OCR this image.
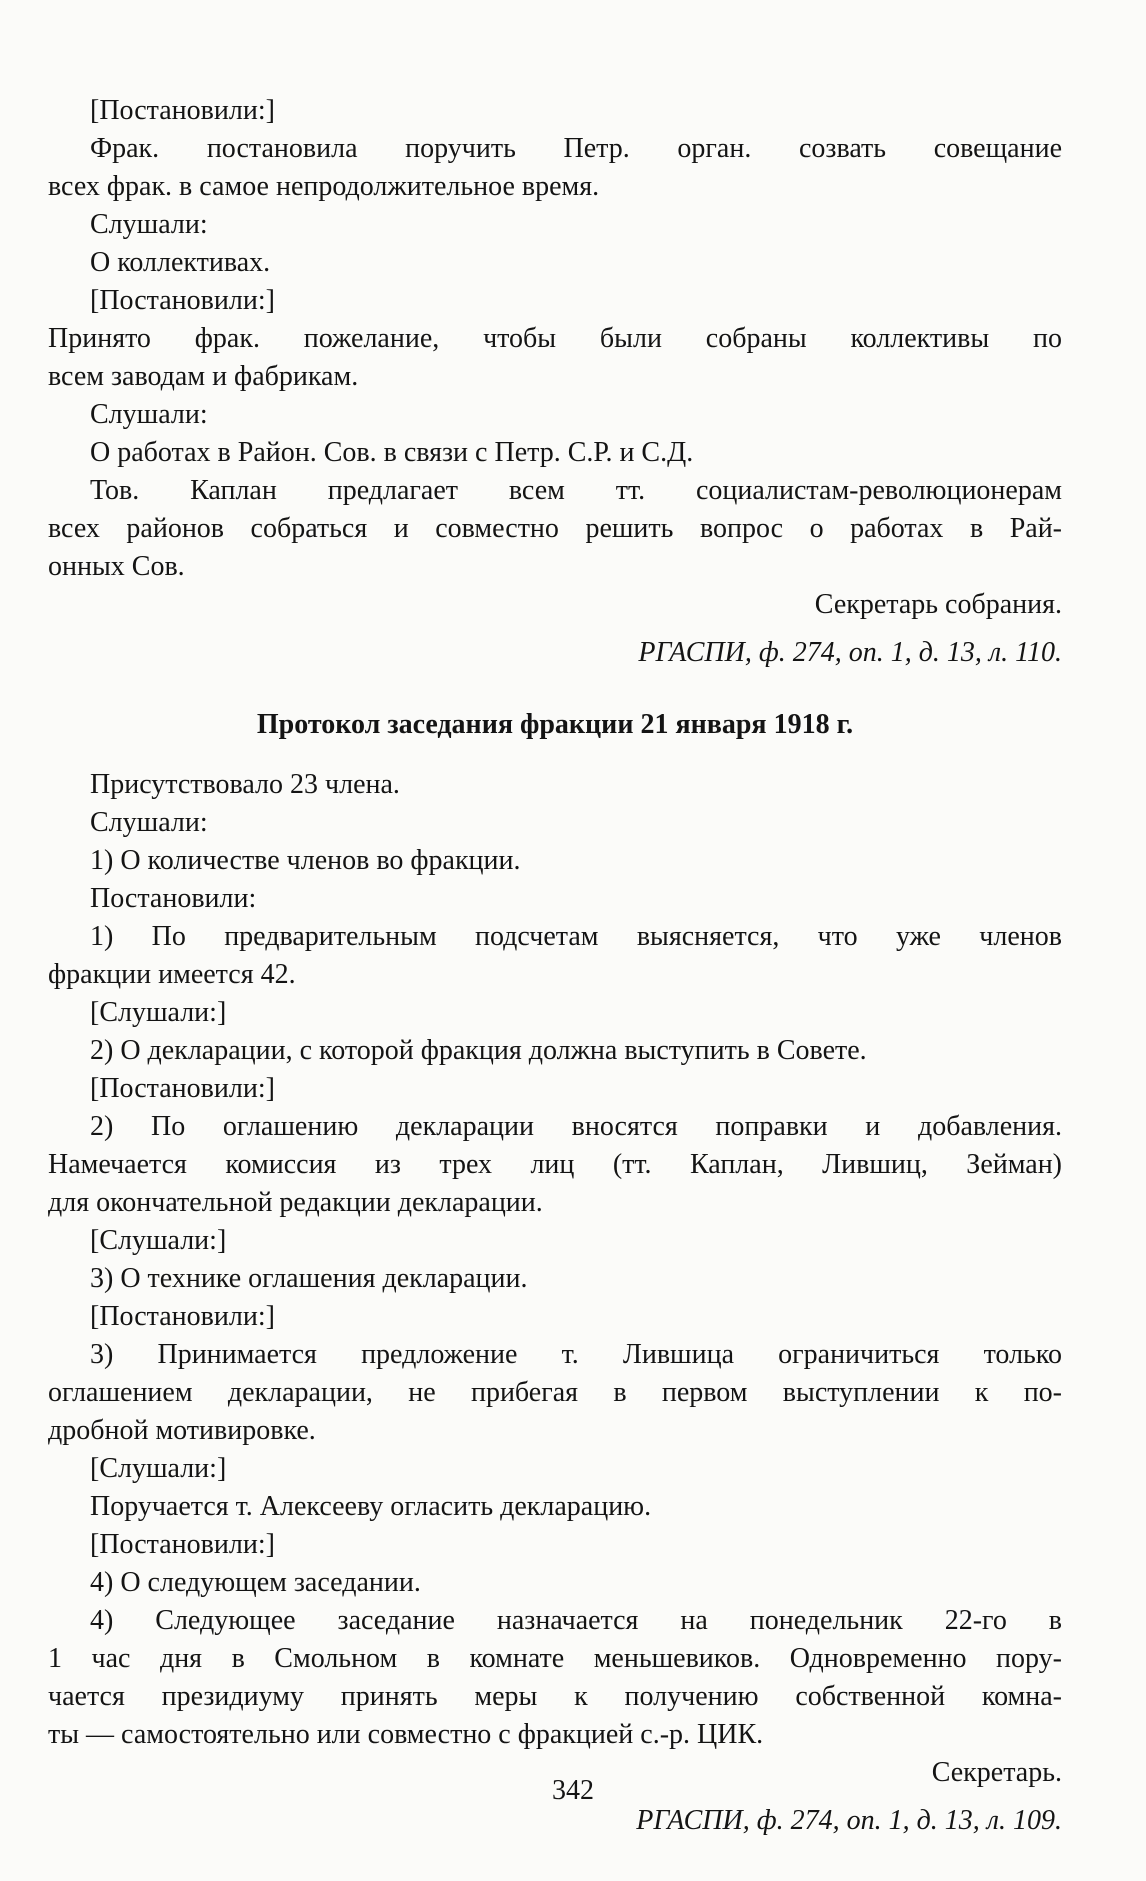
[Постановили:]
Фрак. постановила поручить Петр. орган. созвать совещание
всех фрак. в самое непродолжительное время.
Слушали:
О коллективах.
[Постановили:]
Принято фрак. пожелание, чтобы были собраны коллективы по
всем заводам и фабрикам.
Слушали:
О работах в Район. Сов. в связи с Петр. С.Р. и С.Д.
Тов. Каплан предлагает всем тт. социалистам-революционерам
всех районов собраться и совместно решить вопрос о работах в Рай-
онных Сов.
Секретарь собрания.
РГАСПИ, ф. 274, оп. 1, д. 13, л. 110.
Протокол заседания фракции 21 января 1918 г.
Присутствовало 23 члена.
Слушали:
1) О количестве членов во фракции.
Постановили:
1) По предварительным подсчетам выясняется, что уже членов
фракции имеется 42.
[Слушали:]
2) О декларации, с которой фракция должна выступить в Совете.
[Постановили:]
2) По оглашению декларации вносятся поправки и добавления.
Намечается комиссия из трех лиц (тт. Каплан, Лившиц, Зейман)
для окончательной редакции декларации.
[Слушали:]
3) О технике оглашения декларации.
[Постановили:]
3) Принимается предложение т. Лившица ограничиться только
оглашением декларации, не прибегая в первом выступлении к по-
дробной мотивировке.
[Слушали:]
Поручается т. Алексееву огласить декларацию.
[Постановили:]
4) О следующем заседании.
4) Следующее заседание назначается на понедельник 22-го в
1 час дня в Смольном в комнате меньшевиков. Одновременно пору-
чается президиуму принять меры к получению собственной комна-
ты — самостоятельно или совместно с фракцией с.-р. ЦИК.
Секретарь.
РГАСПИ, ф. 274, оп. 1, д. 13, л. 109.
342
